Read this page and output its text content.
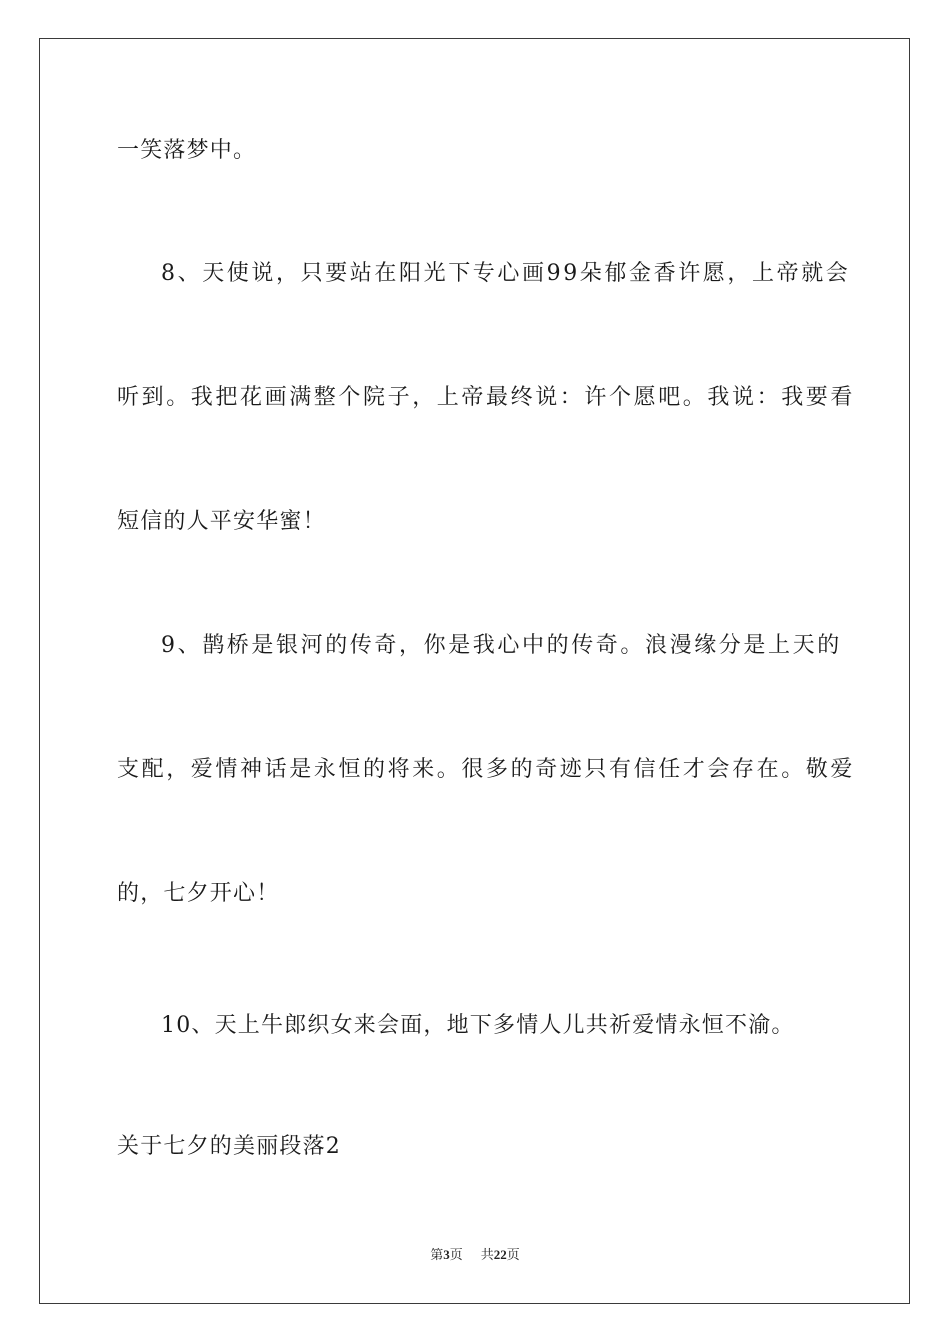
一笑落梦中。
8、天使说，只要站在阳光下专心画99朵郁金香许愿，上帝就会
听到。我把花画满整个院子，上帝最终说：许个愿吧。我说：我要看
短信的人平安华蜜！
9、鹊桥是银河的传奇，你是我心中的传奇。浪漫缘分是上天的
支配，爱情神话是永恒的将来。很多的奇迹只有信任才会存在。敬爱
的，七夕开心！
10、天上牛郎织女来会面，地下多情人儿共祈爱情永恒不渝。
关于七夕的美丽段落2
第3页 共22页
